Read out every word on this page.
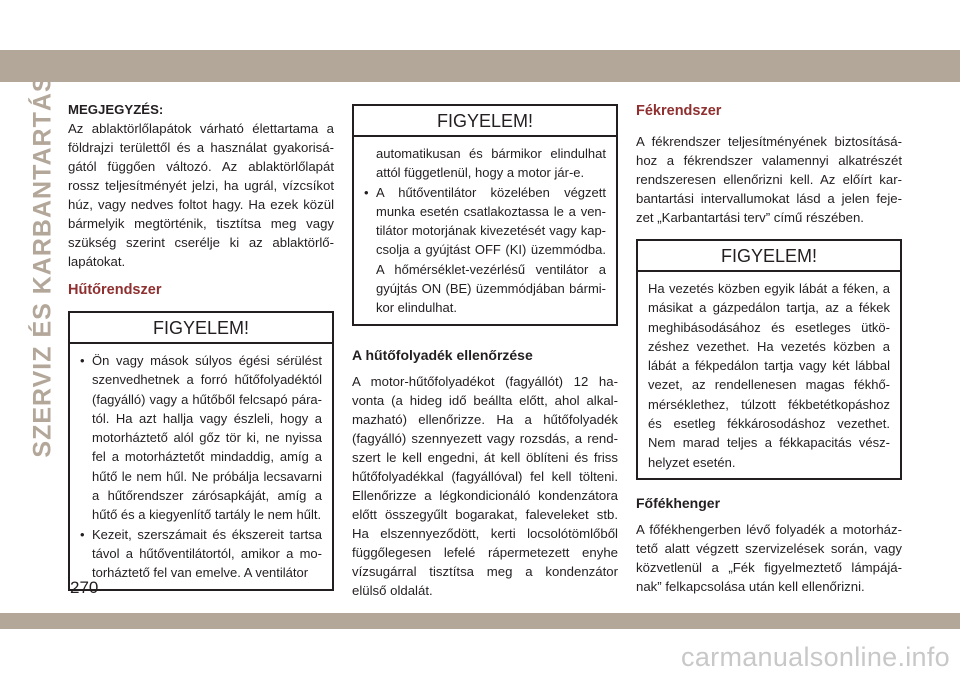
SZERVIZ ÉS KARBANTARTÁS MEGJEGYZÉS:

Az ablaktörlőlapátok várható élettartama a földrajzi területtől és a használat gyakorisá-gától függően változó. Az ablaktörlőlapát rossz teljesítményét jelzi, ha ugrál, vízcsíkot húz, vagy nedves foltot hagy. Ha ezek közül bármelyik megtörténik, tisztítsa meg vagy szükség szerint cserélje ki az ablaktörlő-lapátokat.

Hűtőrendszer
FIGYELEM!
• Ön vagy mások súlyos égési sérülést szenvedhetnek a forró hűtőfolyadéktól (fagyálló) vagy a hűtőből felcsapó pára-tól. Ha azt hallja vagy észleli, hogy a motorháztető alól gőz tör ki, ne nyissa fel a motorháztetőt mindaddig, amíg a hűtő le nem hűl. Ne próbálja lecsavarni a hűtőrendszer zárósapkáját, amíg a hűtő és a kiegyenlítő tartály le nem hűlt.
• Kezeit, szerszámait és ékszereit tartsa távol a hűtőventilátortól, amikor a mo-torháztető fel van emelve. A ventilátor
FIGYELEM!
automatikusan és bármikor elindulhat attól függetlenül, hogy a motor jár-e.
• A hűtőventilátor közelében végzett munka esetén csatlakoztassa le a ven-tilátor motorjának kivezetését vagy kap-csolja a gyújtást OFF (KI) üzemmódba. A hőmérséklet-vezérlésű ventilátor a gyújtás ON (BE) üzemmódjában bármi-kor elindulhat.
A hűtőfolyadék ellenőrzése

A motor-hűtőfolyadékot (fagyállót) 12 ha-vonta (a hideg idő beállta előtt, ahol alkal-mazható) ellenőrizze. Ha a hűtőfolyadék (fagyálló) szennyezett vagy rozsdás, a rend-szert le kell engedni, át kell öblíteni és friss hűtőfolyadékkal (fagyállóval) fel kell tölteni. Ellenőrizze a légkondicionáló kondenzátora előtt összegyűlt bogarakat, faleveleket stb. Ha elszennyeződött, kerti locsolótömlőből függőlegesen lefelé rápermetezett enyhe vízsugárral tisztítsa meg a kondenzátor elülső oldalát.

Fékrendszer

A fékrendszer teljesítményének biztosításá-hoz a fékrendszer valamennyi alkatrészét rendszeresen ellenőrizni kell. Az előírt kar-bantartási intervallumokat lásd a jelen feje-zet „Karbantartási terv” című részében.

FIGYELEM!

Ha vezetés közben egyik lábát a féken, a másikat a gázpedálon tartja, az a fékek meghibásodásához és esetleges ütkö-zéshez vezethet. Ha vezetés közben a lábát a fékpedálon tartja vagy két lábbal vezet, az rendellenesen magas fékhő-mérséklethez, túlzott fékbetétkopáshoz és esetleg fékkárosodáshoz vezethet. Nem marad teljes a fékkapacitás vész-helyzet esetén.

Főfékhenger

A főfékhengerben lévő folyadék a motorház-tető alatt végzett szervizelések során, vagy közvetlenül a „Fék figyelmeztető lámpájá-nak” felkapcsolása után kell ellenőrizni.

270
carmanualsonline.info
